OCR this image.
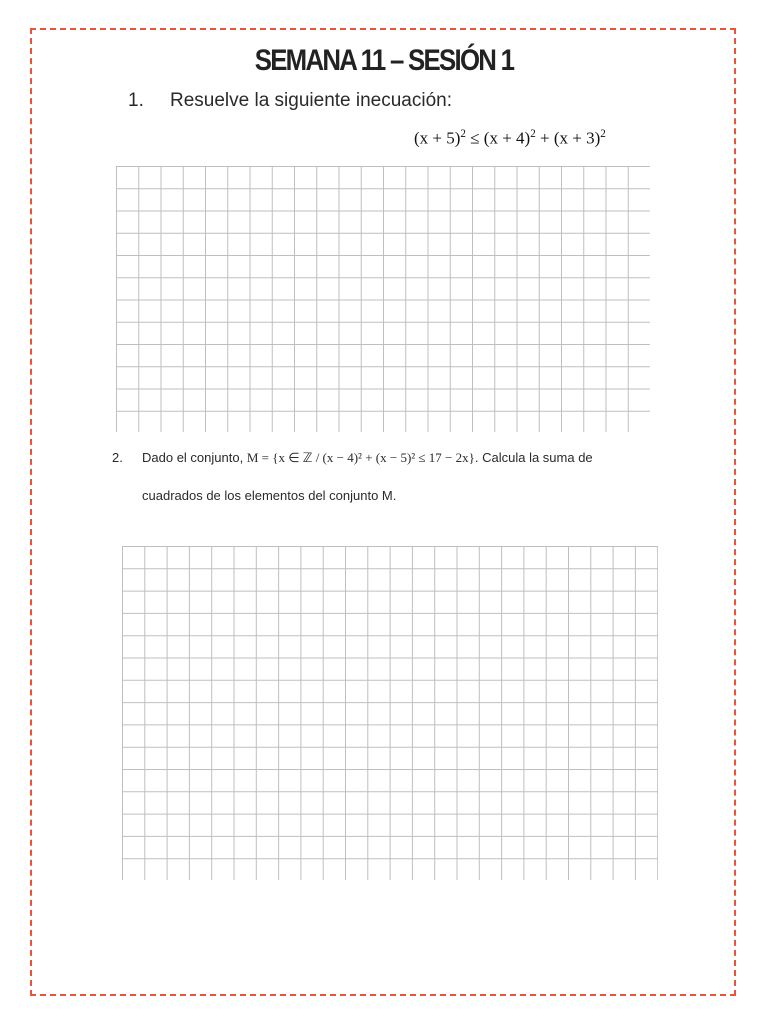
SEMANA 11 – SESIÓN 1
1. Resuelve la siguiente inecuación:
$(x + 5)^2 \le (x + 4)^2 + (x + 3)^2$
2. Dado el conjunto, M = {x ∈ ℤ / (x − 4)² + (x − 5)² ≤ 17 − 2x}. Calcula la suma de
cuadrados de los elementos del conjunto M.
